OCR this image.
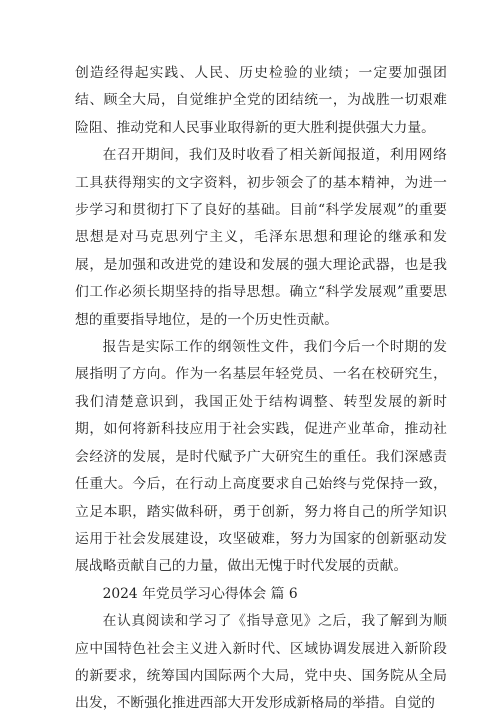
创造经得起实践、人民、历史检验的业绩；一定要加强团结、顾全大局，自觉维护全党的团结统一，为战胜一切艰难险阻、推动党和人民事业取得新的更大胜利提供强大力量。

在召开期间，我们及时收看了相关新闻报道，利用网络工具获得翔实的文字资料，初步领会了的基本精神，为进一步学习和贯彻打下了良好的基础。目前“科学发展观”的重要思想是对马克思列宁主义，毛泽东思想和理论的继承和发展，是加强和改进党的建设和发展的强大理论武器，也是我们工作必须长期坚持的指导思想。确立“科学发展观”重要思想的重要指导地位，是的一个历史性贡献。

报告是实际工作的纲领性文件，我们今后一个时期的发展指明了方向。作为一名基层年轻党员、一名在校研究生，我们清楚意识到，我国正处于结构调整、转型发展的新时期，如何将新科技应用于社会实践，促进产业革命，推动社会经济的发展，是时代赋予广大研究生的重任。我们深感责任重大。今后，在行动上高度要求自己始终与党保持一致，立足本职，踏实做科研，勇于创新，努力将自己的所学知识运用于社会发展建设，攻坚破难，努力为国家的创新驱动发展战略贡献自己的力量，做出无愧于时代发展的贡献。

2024 年党员学习心得体会 篇 6

在认真阅读和学习了《指导意见》之后，我了解到为顺应中国特色社会主义进入新时代、区域协调发展进入新阶段的新要求，统筹国内国际两个大局，党中央、国务院从全局出发，不断强化推进西部大开发形成新格局的举措。自觉的
